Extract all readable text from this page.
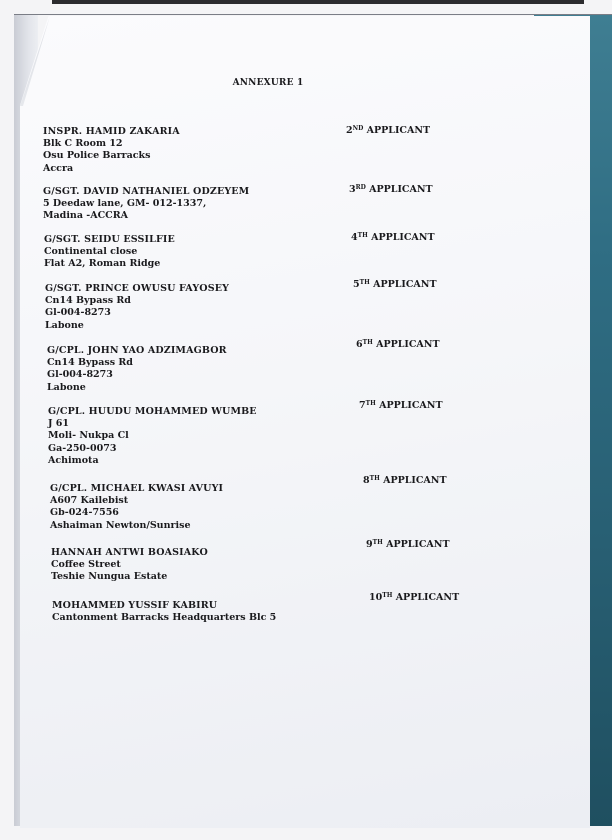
ANNEXURE 1
INSPR. HAMID ZAKARIA
Blk C Room 12
Osu Police Barracks
Accra
2ND APPLICANT
G/SGT. DAVID NATHANIEL ODZEYEM
5 Deedaw lane, GM- 012-1337,
Madina -ACCRA
3RD APPLICANT
G/SGT. SEIDU ESSILFIE
Continental close
Flat A2, Roman Ridge
4TH APPLICANT
G/SGT. PRINCE OWUSU FAYOSEY
Cn14 Bypass Rd
Gl-004-8273
Labone
5TH APPLICANT
G/CPL. JOHN YAO ADZIMAGBOR
Cn14 Bypass Rd
Gl-004-8273
Labone
6TH APPLICANT
G/CPL. HUUDU MOHAMMED WUMBE
J 61
Moli- Nukpa Cl
Ga-250-0073
Achimota
7TH APPLICANT
G/CPL. MICHAEL KWASI AVUYI
A607 Kailebist
Gb-024-7556
Ashaiman Newton/Sunrise
8TH APPLICANT
HANNAH ANTWI BOASIAKO
Coffee Street
Teshie Nungua Estate
9TH APPLICANT
MOHAMMED YUSSIF KABIRU
Cantonment Barracks Headquarters Blc 5
10TH APPLICANT
